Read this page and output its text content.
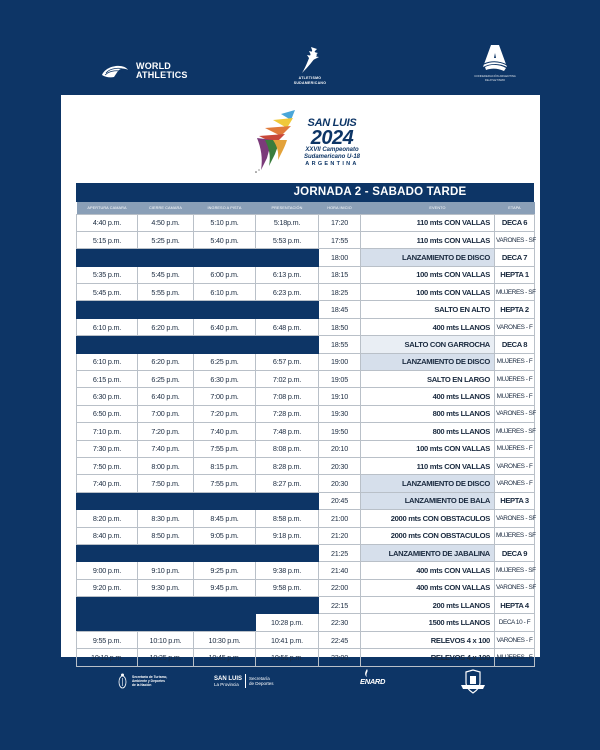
WORLD
ATHLETICS	ATLETISMO
SUDAMERICANO
CONFEDERACIÓN ARGENTINA
DE ATLETISMO
SAN LUIS
2024
XXVII Campeonato
Sudamericano U-18
ARGENTINA
JORNADA 2 - SABADO TARDE
APERTURA CAMARA	CIERRE CAMARA	INGRESO A PISTA	PRESENTACIÓN	HORA INICIO	EVENTO	ETAPA
4:40 p.m.	4:50 p.m.	5:10 p.m.	5:18p.m.	17:20	110 mts CON VALLAS	DECA 6
5:15 p.m.	5:25 p.m.	5:40 p.m.	5:53 p.m.	17:55	110 mts CON VALLAS	VARONES - SF
				18:00	LANZAMIENTO DE DISCO	DECA 7
5:35 p.m.	5:45 p.m.	6:00 p.m.	6:13 p.m.	18:15	100 mts CON VALLAS	HEPTA 1
5:45 p.m.	5:55 p.m.	6:10 p.m.	6:23 p.m.	18:25	100 mts CON VALLAS	MUJERES - SF
				18:45	SALTO EN ALTO	HEPTA 2
6:10 p.m.	6:20 p.m.	6:40 p.m.	6:48 p.m.	18:50	400 mts LLANOS	VARONES - F
				18:55	SALTO CON GARROCHA	DECA 8
6:10 p.m.	6:20 p.m.	6:25 p.m.	6:57 p.m.	19:00	LANZAMIENTO DE DISCO	MUJERES - F
6:15 p.m.	6:25 p.m.	6:30 p.m.	7:02 p.m.	19:05	SALTO EN LARGO	MUJERES - F
6:30 p.m.	6:40 p.m.	7:00 p.m.	7:08 p.m.	19:10	400 mts LLANOS	MUJERES - F
6:50 p.m.	7:00 p.m.	7:20 p.m.	7:28 p.m.	19:30	800 mts LLANOS	VARONES - SF
7:10 p.m.	7:20 p.m.	7:40 p.m.	7:48 p.m.	19:50	800 mts LLANOS	MUJERES - SF
7:30 p.m.	7:40 p.m.	7:55 p.m.	8:08 p.m.	20:10	100 mts CON VALLAS	MUJERES - F
7:50 p.m.	8:00 p.m.	8:15 p.m.	8:28 p.m.	20:30	110 mts CON VALLAS	VARONES - F
7:40 p.m.	7:50 p.m.	7:55 p.m.	8:27 p.m.	20:30	LANZAMIENTO DE DISCO	VARONES - F
				20:45	LANZAMIENTO DE BALA	HEPTA 3
8:20 p.m.	8:30 p.m.	8:45 p.m.	8:58 p.m.	21:00	2000 mts CON OBSTACULOS	VARONES - SF
8:40 p.m.	8:50 p.m.	9:05 p.m.	9:18 p.m.	21:20	2000 mts CON OBSTACULOS	MUJERES - SF
				21:25	LANZAMIENTO DE JABALINA	DECA 9
9:00 p.m.	9:10 p.m.	9:25 p.m.	9:38 p.m.	21:40	400 mts CON VALLAS	MUJERES - SF
9:20 p.m.	9:30 p.m.	9:45 p.m.	9:58 p.m.	22:00	400 mts CON VALLAS	VARONES - SF
				22:15	200 mts LLANOS	HEPTA 4
			10:28 p.m.	22:30	1500 mts LLANOS	DECA 10 - F
9:55 p.m.	10:10 p.m.	10:30 p.m.	10:41 p.m.	22:45	RELEVOS 4 x 100	VARONES - F
10:10 p.m.	10:25 p.m.	10:45 p.m.	10:56 p.m.	23:00	RELEVOS 4 x 100	MUJERES - F
Secretaría de Turismo,
Ambiente y Deportes
de la Nación
SAN LUIS
La Provincia
Secretaría
de Deportes	ENARD
